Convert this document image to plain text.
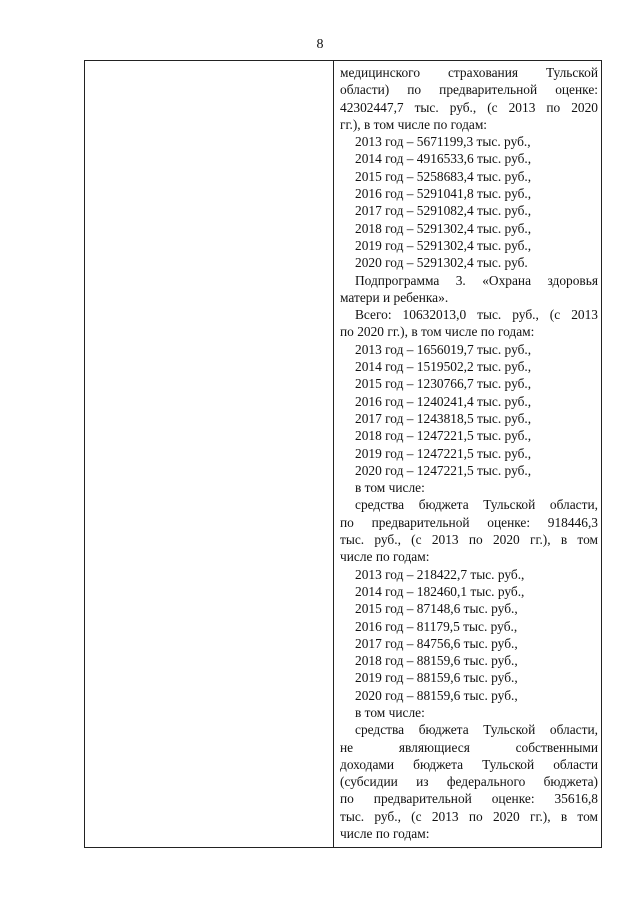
8
медицинского страхования Тульской
области) по предварительной оценке:
42302447,7 тыс. руб., (с 2013 по 2020
гг.), в том числе по годам:
2013 год – 5671199,3 тыс. руб.,
2014 год – 4916533,6 тыс. руб.,
2015 год – 5258683,4 тыс. руб.,
2016 год – 5291041,8 тыс. руб.,
2017 год – 5291082,4 тыс. руб.,
2018 год – 5291302,4 тыс. руб.,
2019 год – 5291302,4 тыс. руб.,
2020 год – 5291302,4 тыс. руб.
Подпрограмма 3. «Охрана здоровья
матери и ребенка».
Всего: 10632013,0 тыс. руб., (с 2013
по 2020 гг.), в том числе по годам:
2013 год – 1656019,7 тыс. руб.,
2014 год – 1519502,2 тыс. руб.,
2015 год – 1230766,7 тыс. руб.,
2016 год – 1240241,4 тыс. руб.,
2017 год – 1243818,5 тыс. руб.,
2018 год – 1247221,5 тыс. руб.,
2019 год – 1247221,5 тыс. руб.,
2020 год – 1247221,5 тыс. руб.,
в том числе:
средства бюджета Тульской области,
по предварительной оценке: 918446,3
тыс. руб., (с 2013 по 2020 гг.), в том
числе по годам:
2013 год – 218422,7 тыс. руб.,
2014 год – 182460,1 тыс. руб.,
2015 год – 87148,6 тыс. руб.,
2016 год – 81179,5 тыс. руб.,
2017 год – 84756,6 тыс. руб.,
2018 год – 88159,6 тыс. руб.,
2019 год – 88159,6 тыс. руб.,
2020 год – 88159,6 тыс. руб.,
в том числе:
средства бюджета Тульской области,
не являющиеся собственными
доходами бюджета Тульской области
(субсидии из федерального бюджета)
по предварительной оценке: 35616,8
тыс. руб., (с 2013 по 2020 гг.), в том
числе по годам:
